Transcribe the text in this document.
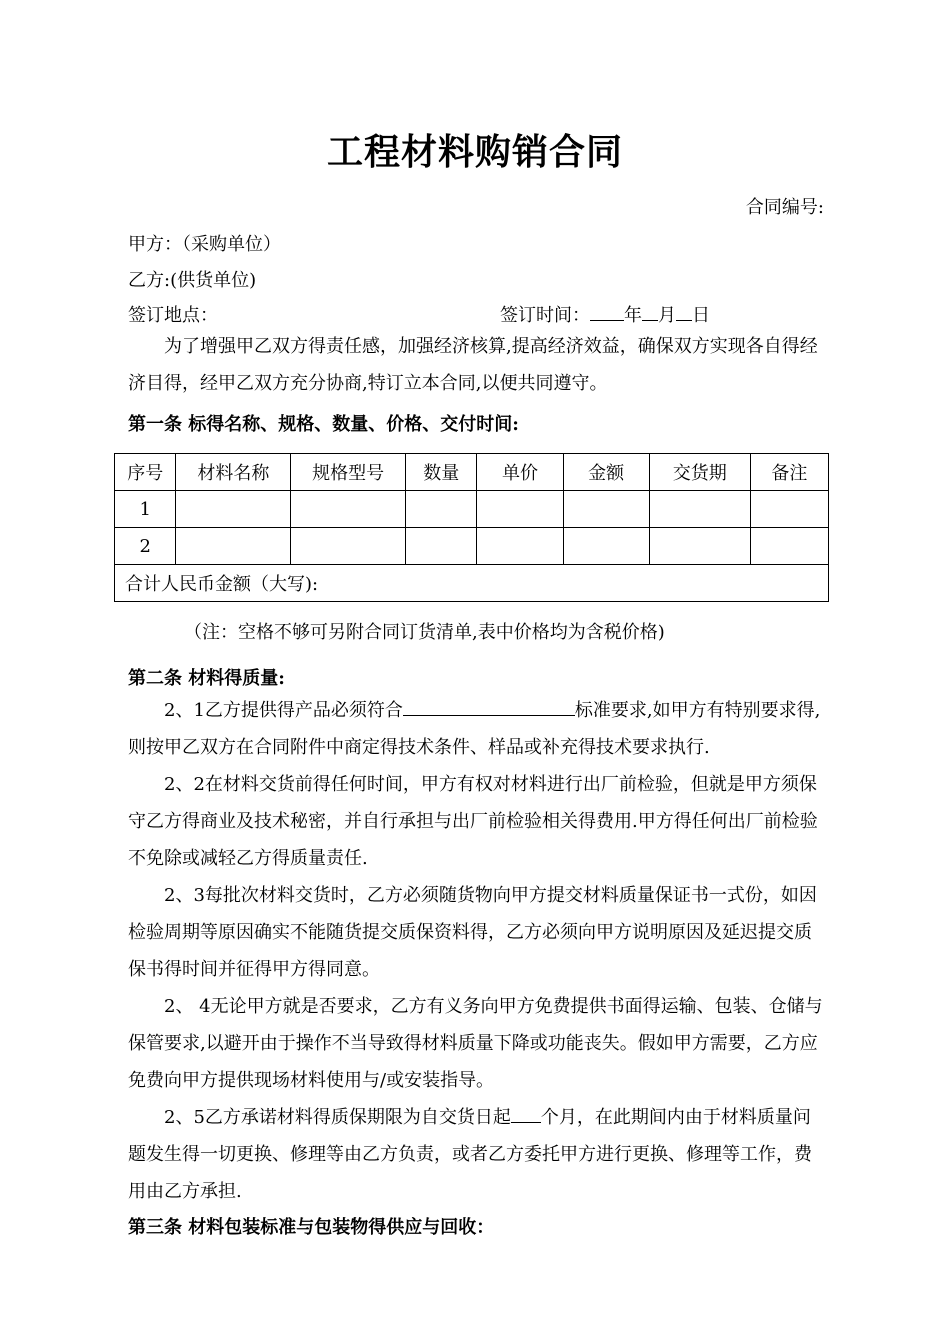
工程材料购销合同
合同编号:
甲方：（采购单位）
乙方:(供货单位)
签订地点：	签订时间： 年 月 日

为了增强甲乙双方得责任感，加强经济核算,提高经济效益，确保双方实现各自得经济目得，经甲乙双方充分协商,特订立本合同,以便共同遵守。

第一条 标得名称、规格、数量、价格、交付时间:
序号	材料名称	规格型号	数量	单价	金额	交货期	备注
1							
2							
合计人民币金额（大写):							
（注：空格不够可另附合同订货清单,表中价格均为含税价格)
第二条 材料得质量:

2、1乙方提供得产品必须符合	标准要求,如甲方有特别要求得,则按甲乙双方在合同附件中商定得技术条件、样品或补充得技术要求执行.

2、2在材料交货前得任何时间，甲方有权对材料进行出厂前检验，但就是甲方须保守乙方得商业及技术秘密，并自行承担与出厂前检验相关得费用.甲方得任何出厂前检验不免除或减轻乙方得质量责任.

2、3每批次材料交货时，乙方必须随货物向甲方提交材料质量保证书一式份，如因检验周期等原因确实不能随货提交质保资料得，乙方必须向甲方说明原因及延迟提交质保书得时间并征得甲方得同意。

2、 4无论甲方就是否要求，乙方有义务向甲方免费提供书面得运输、包装、仓储与保管要求,以避开由于操作不当导致得材料质量下降或功能丧失。假如甲方需要，乙方应免费向甲方提供现场材料使用与/或安装指导。

2、5乙方承诺材料得质保期限为自交货日起 个月，在此期间内由于材料质量问题发生得一切更换、修理等由乙方负责，或者乙方委托甲方进行更换、修理等工作，费用由乙方承担.

第三条 材料包装标准与包装物得供应与回收：
